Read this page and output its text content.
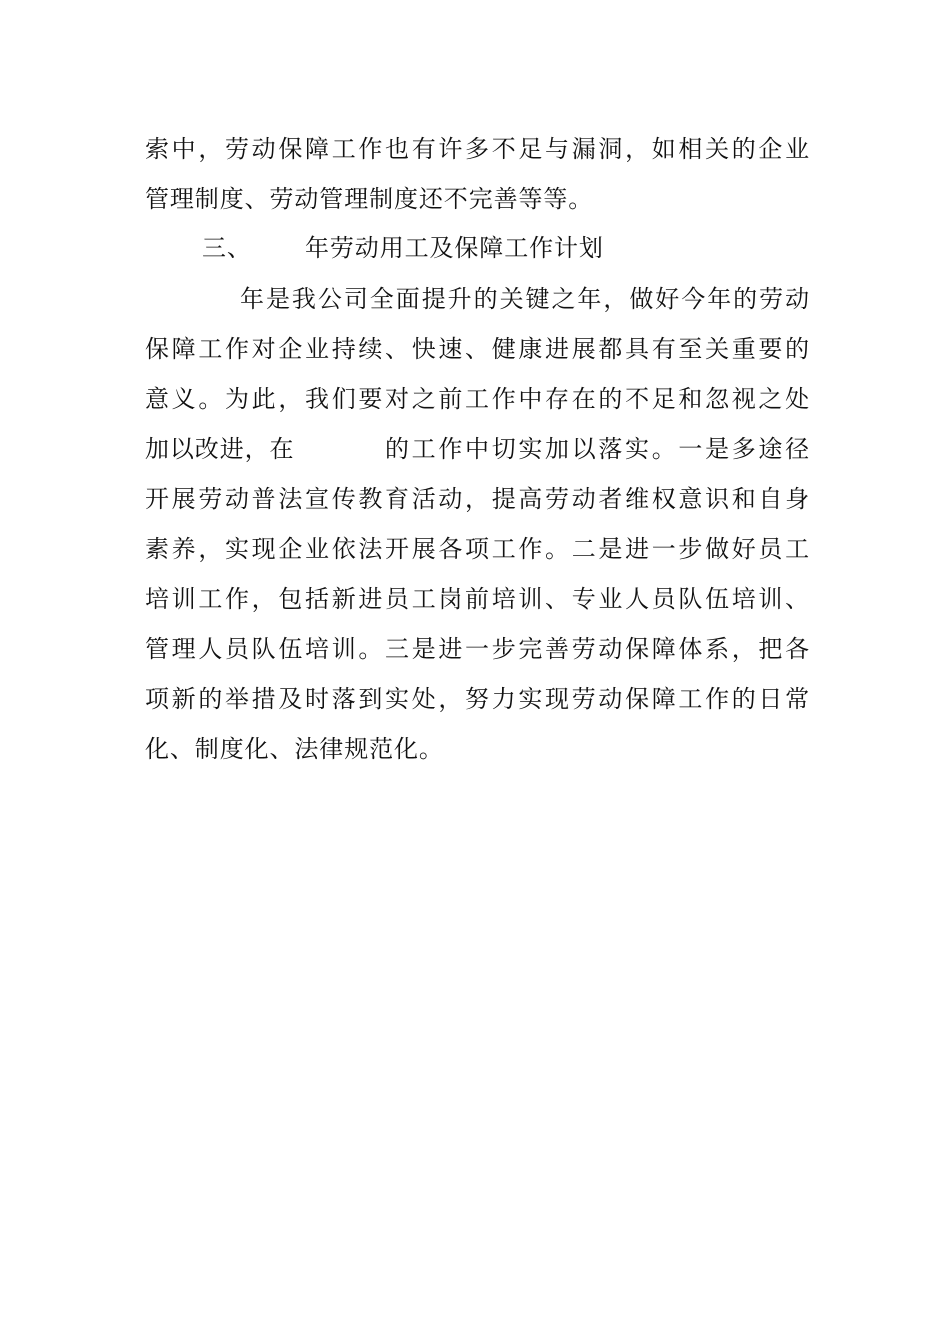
索中，劳动保障工作也有许多不足与漏洞，如相关的企业
管理制度、劳动管理制度还不完善等等。
三、 年劳动用工及保障工作计划
年是我公司全面提升的关键之年，做好今年的劳动
保障工作对企业持续、快速、健康进展都具有至关重要的
意义。为此，我们要对之前工作中存在的不足和忽视之处
加以改进，在	的工作中切实加以落实。一是多途径
开展劳动普法宣传教育活动，提高劳动者维权意识和自身
素养，实现企业依法开展各项工作。二是进一步做好员工
培训工作，包括新进员工岗前培训、专业人员队伍培训、
管理人员队伍培训。三是进一步完善劳动保障体系，把各
项新的举措及时落到实处，努力实现劳动保障工作的日常
化、制度化、法律规范化。
